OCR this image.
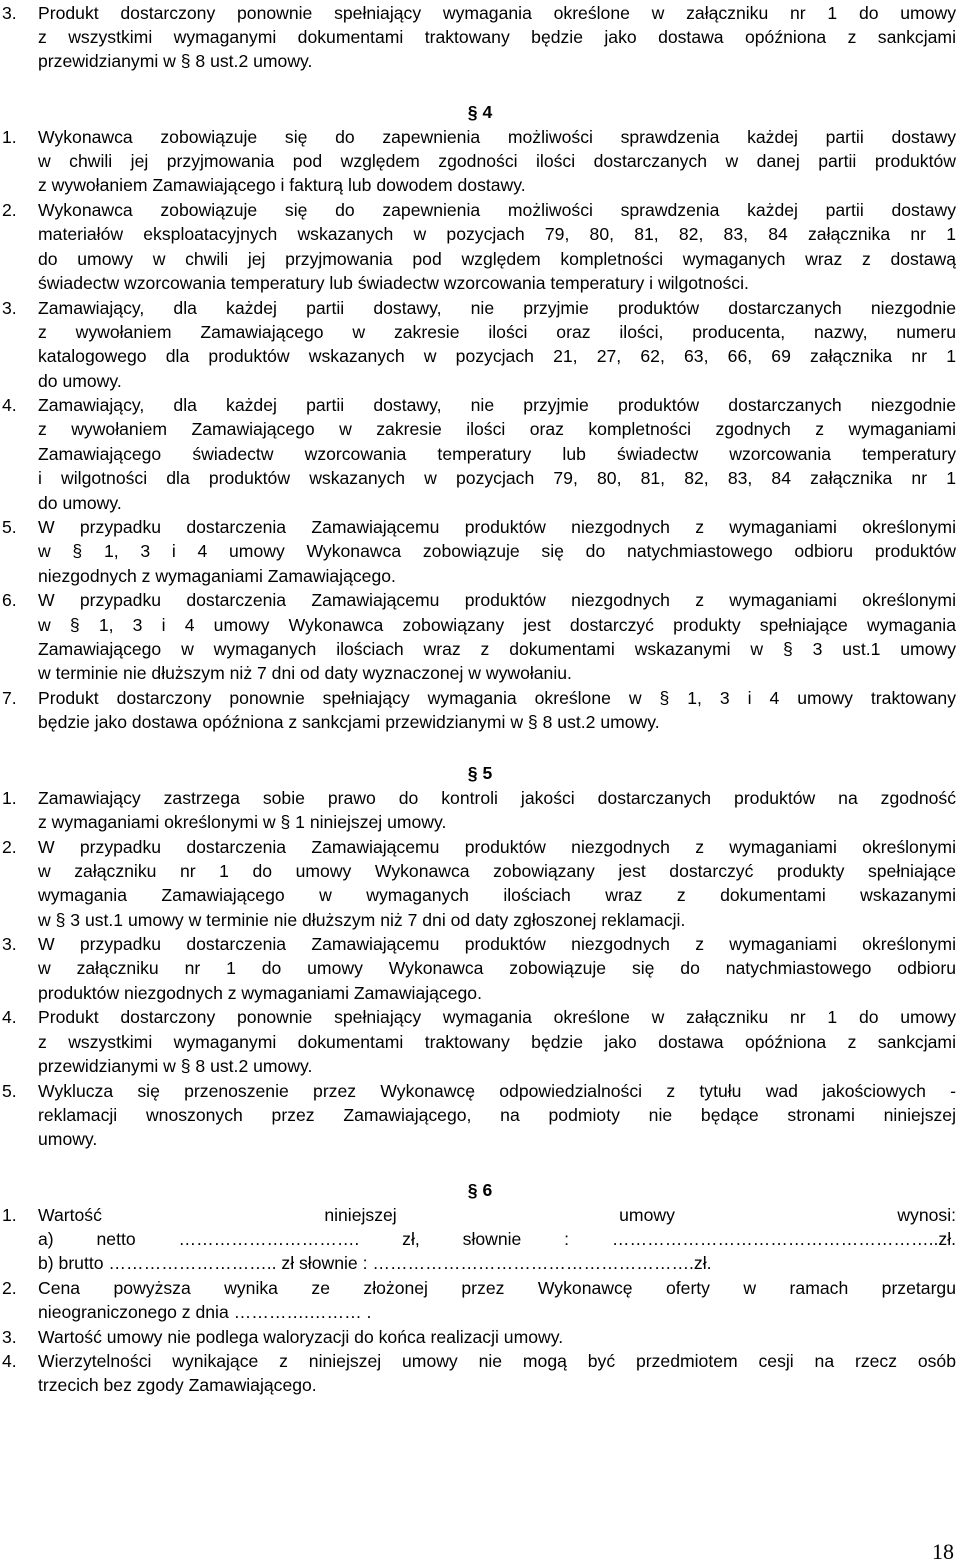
3. Produkt dostarczony ponownie spełniający wymagania określone w załączniku nr 1 do umowy
z wszystkimi wymaganymi dokumentami traktowany będzie jako dostawa opóźniona z sankcjami
przewidzianymi w § 8 ust.2 umowy.
§ 4
1. Wykonawca zobowiązuje się do zapewnienia możliwości sprawdzenia każdej partii dostawy
w chwili jej przyjmowania pod względem zgodności ilości dostarczanych w danej partii produktów
z wywołaniem Zamawiającego i fakturą lub dowodem dostawy.
2. Wykonawca zobowiązuje się do zapewnienia możliwości sprawdzenia każdej partii dostawy
materiałów eksploatacyjnych wskazanych w pozycjach 79, 80, 81, 82, 83, 84 załącznika nr 1
do umowy w chwili jej przyjmowania pod względem kompletności wymaganych wraz z dostawą
świadectw wzorcowania temperatury lub świadectw wzorcowania temperatury i wilgotności.
3. Zamawiający, dla każdej partii dostawy, nie przyjmie produktów dostarczanych niezgodnie
z wywołaniem Zamawiającego w zakresie ilości oraz ilości, producenta, nazwy, numeru
katalogowego dla produktów wskazanych w pozycjach 21, 27, 62, 63, 66, 69 załącznika nr 1
do umowy.
4. Zamawiający, dla każdej partii dostawy, nie przyjmie produktów dostarczanych niezgodnie
z wywołaniem Zamawiającego w zakresie ilości oraz kompletności zgodnych z wymaganiami
Zamawiającego świadectw wzorcowania temperatury lub świadectw wzorcowania temperatury
i wilgotności dla produktów wskazanych w pozycjach 79, 80, 81, 82, 83, 84 załącznika nr 1
do umowy.
5. W przypadku dostarczenia Zamawiającemu produktów niezgodnych z wymaganiami określonymi
w § 1, 3 i 4 umowy Wykonawca zobowiązuje się do natychmiastowego odbioru produktów
niezgodnych z wymaganiami Zamawiającego.
6. W przypadku dostarczenia Zamawiającemu produktów niezgodnych z wymaganiami określonymi
w § 1, 3 i 4 umowy Wykonawca zobowiązany jest dostarczyć produkty spełniające wymagania
Zamawiającego w wymaganych ilościach wraz z dokumentami wskazanymi w § 3 ust.1 umowy
w terminie nie dłuższym niż 7 dni od daty wyznaczonej w wywołaniu.
7. Produkt dostarczony ponownie spełniający wymagania określone w § 1, 3 i 4 umowy traktowany
będzie jako dostawa opóźniona z sankcjami przewidzianymi w § 8 ust.2 umowy.
§ 5
1. Zamawiający zastrzega sobie prawo do kontroli jakości dostarczanych produktów na zgodność
z wymaganiami określonymi w § 1 niniejszej umowy.
2. W przypadku dostarczenia Zamawiającemu produktów niezgodnych z wymaganiami określonymi
w załączniku nr 1 do umowy Wykonawca zobowiązany jest dostarczyć produkty spełniające
wymagania Zamawiającego w wymaganych ilościach wraz z dokumentami wskazanymi
w § 3 ust.1 umowy w terminie nie dłuższym niż 7 dni od daty zgłoszonej reklamacji.
3. W przypadku dostarczenia Zamawiającemu produktów niezgodnych z wymaganiami określonymi
w załączniku nr 1 do umowy Wykonawca zobowiązuje się do natychmiastowego odbioru
produktów niezgodnych z wymaganiami Zamawiającego.
4. Produkt dostarczony ponownie spełniający wymagania określone w załączniku nr 1 do umowy
z wszystkimi wymaganymi dokumentami traktowany będzie jako dostawa opóźniona z sankcjami
przewidzianymi w § 8 ust.2 umowy.
5. Wyklucza się przenoszenie przez Wykonawcę odpowiedzialności z tytułu wad jakościowych -
reklamacji wnoszonych przez Zamawiającego, na podmioty nie będące stronami niniejszej
umowy.
§ 6
1. Wartość niniejszej umowy wynosi:
a) netto …………………………. zł, słownie : ………………………………………………..zł.
b) brutto ……………………….. zł słownie : ……………………………………………….zł.
2. Cena powyższa wynika ze złożonej przez Wykonawcę oferty w ramach przetargu
nieograniczonego z dnia ………….……… .
3. Wartość umowy nie podlega waloryzacji do końca realizacji umowy.
4. Wierzytelności wynikające z niniejszej umowy nie mogą być przedmiotem cesji na rzecz osób
trzecich bez zgody Zamawiającego.
18
